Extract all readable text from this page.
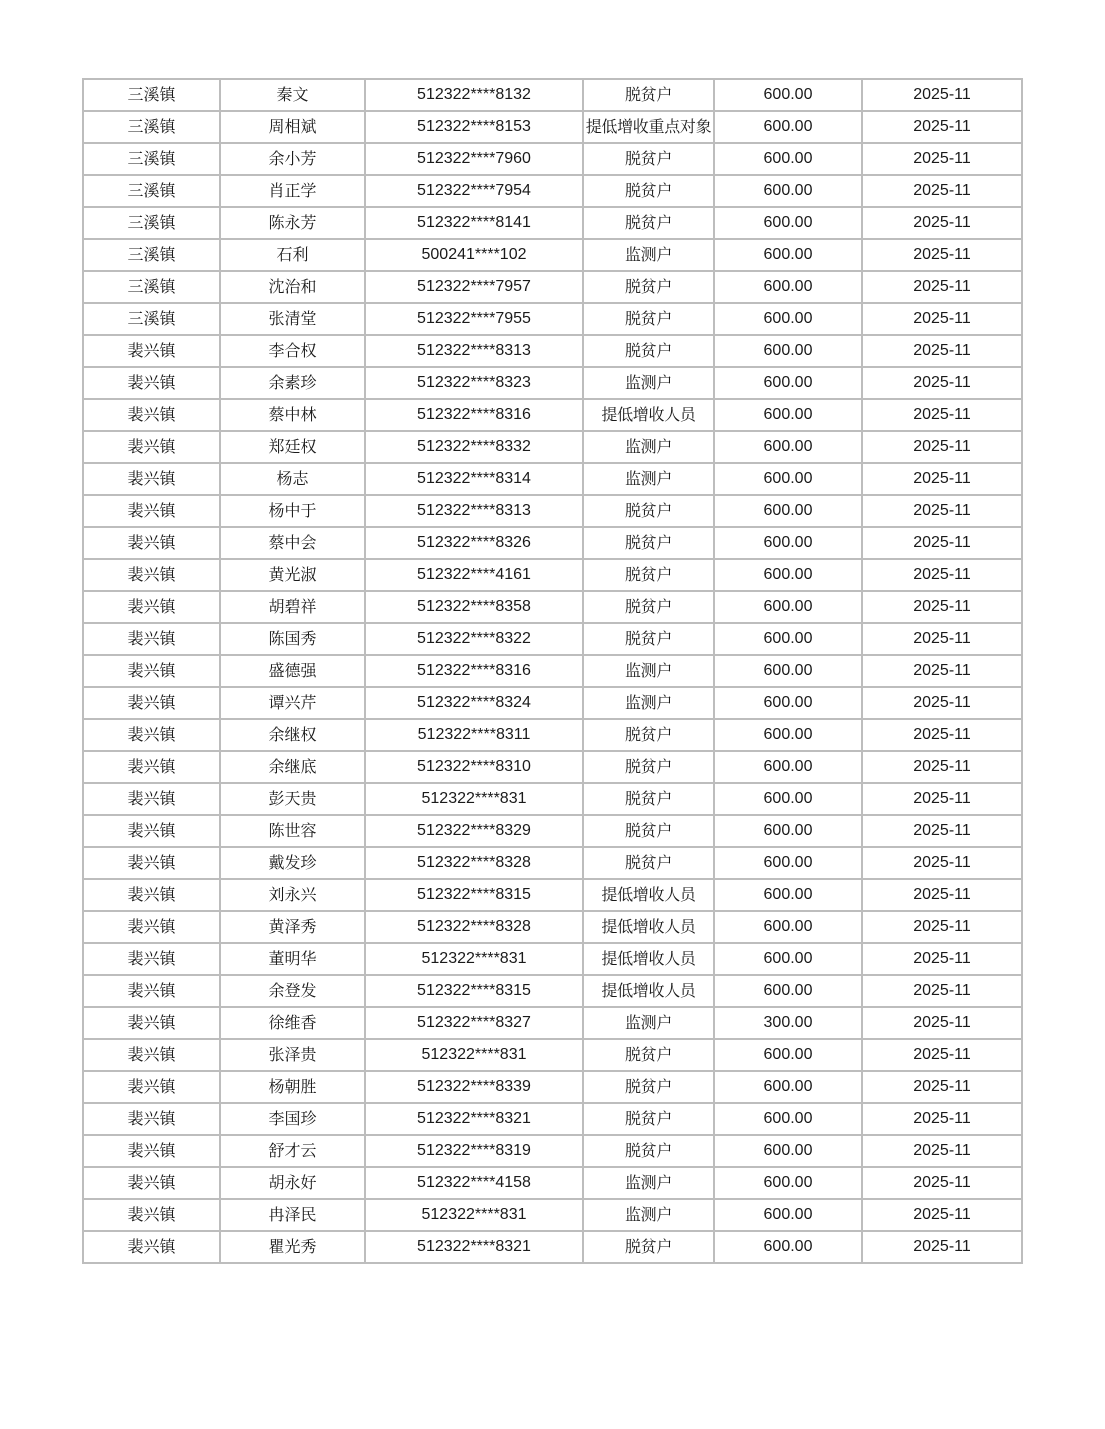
三溪镇	秦文	512322****8132	脱贫户	600.00	2025-11
三溪镇	周相斌	512322****8153	提低增收重点对象	600.00	2025-11
三溪镇	余小芳	512322****7960	脱贫户	600.00	2025-11
三溪镇	肖正学	512322****7954	脱贫户	600.00	2025-11
三溪镇	陈永芳	512322****8141	脱贫户	600.00	2025-11
三溪镇	石利	500241****102	监测户	600.00	2025-11
三溪镇	沈治和	512322****7957	脱贫户	600.00	2025-11
三溪镇	张清堂	512322****7955	脱贫户	600.00	2025-11
裴兴镇	李合权	512322****8313	脱贫户	600.00	2025-11
裴兴镇	余素珍	512322****8323	监测户	600.00	2025-11
裴兴镇	蔡中林	512322****8316	提低增收人员	600.00	2025-11
裴兴镇	郑廷权	512322****8332	监测户	600.00	2025-11
裴兴镇	杨志	512322****8314	监测户	600.00	2025-11
裴兴镇	杨中于	512322****8313	脱贫户	600.00	2025-11
裴兴镇	蔡中会	512322****8326	脱贫户	600.00	2025-11
裴兴镇	黄光淑	512322****4161	脱贫户	600.00	2025-11
裴兴镇	胡碧祥	512322****8358	脱贫户	600.00	2025-11
裴兴镇	陈国秀	512322****8322	脱贫户	600.00	2025-11
裴兴镇	盛德强	512322****8316	监测户	600.00	2025-11
裴兴镇	谭兴芹	512322****8324	监测户	600.00	2025-11
裴兴镇	余继权	512322****8311	脱贫户	600.00	2025-11
裴兴镇	余继底	512322****8310	脱贫户	600.00	2025-11
裴兴镇	彭天贵	512322****831	脱贫户	600.00	2025-11
裴兴镇	陈世容	512322****8329	脱贫户	600.00	2025-11
裴兴镇	戴发珍	512322****8328	脱贫户	600.00	2025-11
裴兴镇	刘永兴	512322****8315	提低增收人员	600.00	2025-11
裴兴镇	黄泽秀	512322****8328	提低增收人员	600.00	2025-11
裴兴镇	董明华	512322****831	提低增收人员	600.00	2025-11
裴兴镇	余登发	512322****8315	提低增收人员	600.00	2025-11
裴兴镇	徐维香	512322****8327	监测户	300.00	2025-11
裴兴镇	张泽贵	512322****831	脱贫户	600.00	2025-11
裴兴镇	杨朝胜	512322****8339	脱贫户	600.00	2025-11
裴兴镇	李国珍	512322****8321	脱贫户	600.00	2025-11
裴兴镇	舒才云	512322****8319	脱贫户	600.00	2025-11
裴兴镇	胡永好	512322****4158	监测户	600.00	2025-11
裴兴镇	冉泽民	512322****831	监测户	600.00	2025-11
裴兴镇	瞿光秀	512322****8321	脱贫户	600.00	2025-11
